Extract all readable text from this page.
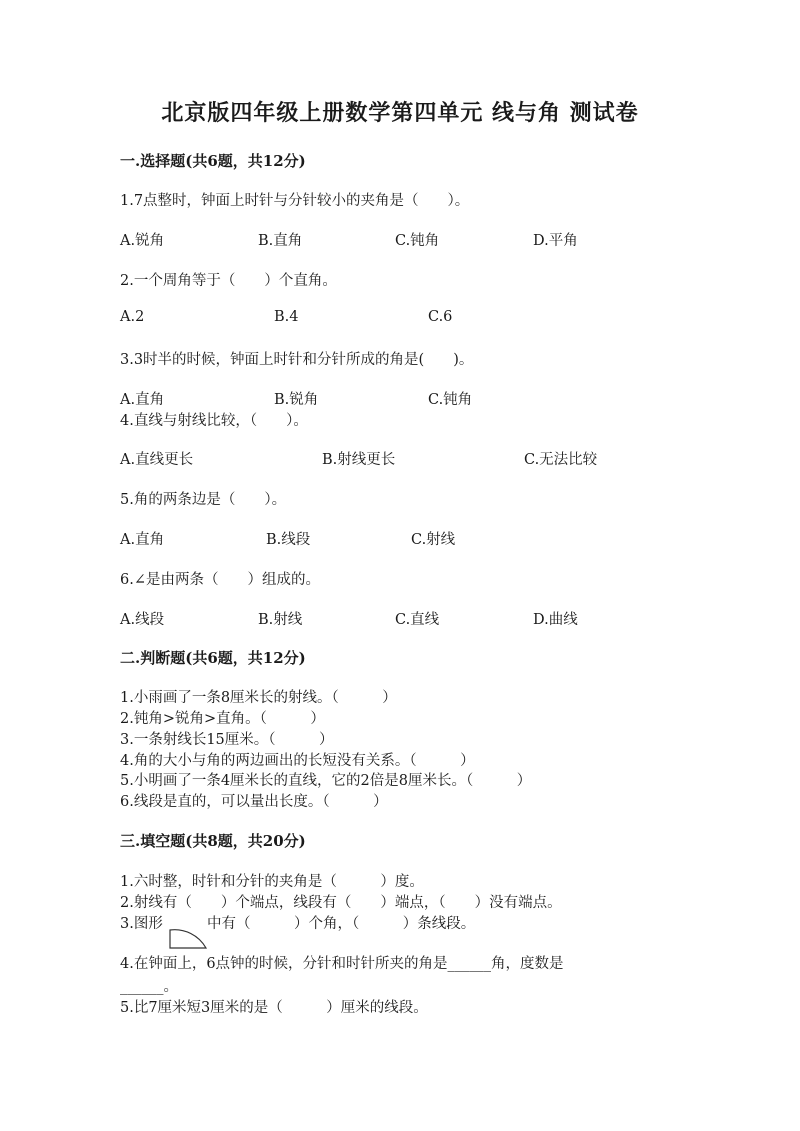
北京版四年级上册数学第四单元 线与角 测试卷
一.选择题(共6题，共12分)
1.7点整时，钟面上时针与分针较小的夹角是（　　）。
A.锐角	B.直角	C.钝角	D.平角
2.一个周角等于（　　）个直角。
A.2	B.4	C.6
3.3时半的时候，钟面上时针和分针所成的角是(　　)。
A.直角	B.锐角	C.钝角
4.直线与射线比较，（　　）。
A.直线更长	B.射线更长	C.无法比较
5.角的两条边是（　　）。
A.直角	B.线段	C.射线
6.∠是由两条（　　）组成的。
A.线段	B.射线	C.直线	D.曲线
二.判断题(共6题，共12分)
1.小雨画了一条8厘米长的射线。（　　　）
2.钝角>锐角>直角。（　　　）
3.一条射线长15厘米。（　　　）
4.角的大小与角的两边画出的长短没有关系。（　　　）
5.小明画了一条4厘米长的直线，它的2倍是8厘米长。（　　　）
6.线段是直的，可以量出长度。（　　　）
三.填空题(共8题，共20分)
1.六时整，时针和分针的夹角是（　　　）度。
2.射线有（　　）个端点，线段有（　　）端点，（　　）没有端点。
3.图形	中有（　　　）个角，（　　　）条线段。
4.在钟面上，6点钟的时候，分针和时针所夹的角是______角，度数是
______。
5.比7厘米短3厘米的是（　　　）厘米的线段。
